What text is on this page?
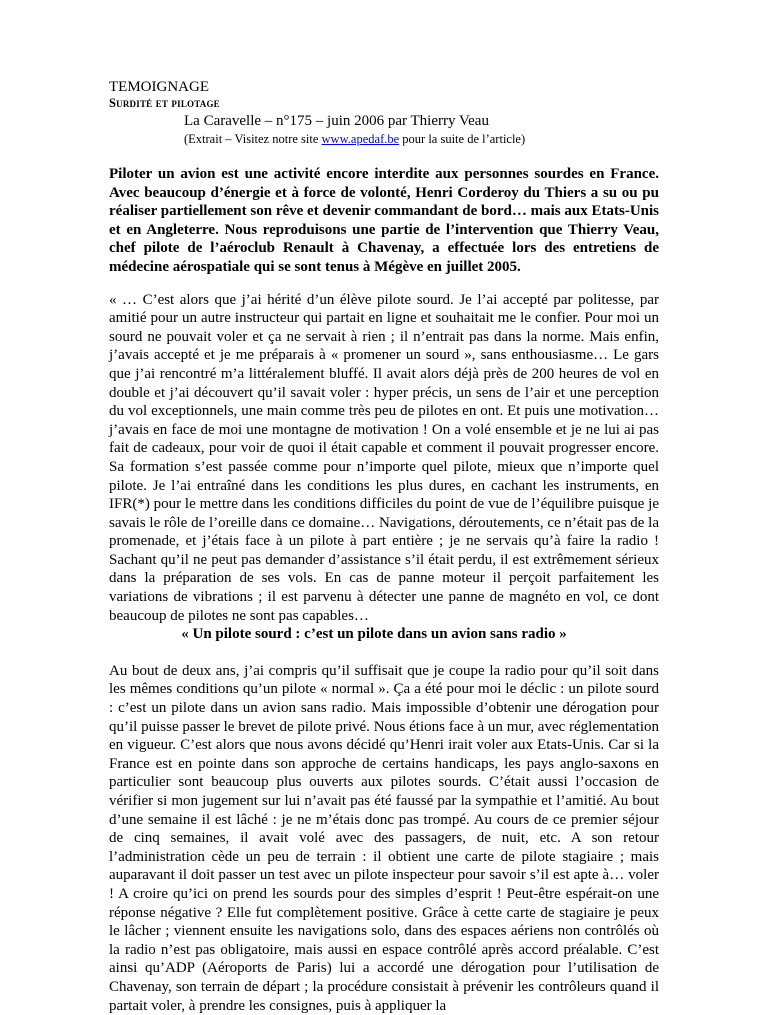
TEMOIGNAGE

Surdité et pilotage

La Caravelle – n°175 – juin 2006 par Thierry Veau

(Extrait – Visitez notre site www.apedaf.be pour la suite de l’article)

Piloter un avion est une activité encore interdite aux personnes sourdes en France. Avec beaucoup d’énergie et à force de volonté, Henri Corderoy du Thiers a su ou pu réaliser partiellement son rêve et devenir commandant de bord… mais aux Etats-Unis et en Angleterre. Nous reproduisons une partie de l’intervention que Thierry Veau, chef pilote de l’aéroclub Renault à Chavenay, a effectuée lors des entretiens de médecine aérospatiale qui se sont tenus à Mégève en juillet 2005.

« … C’est alors que j’ai hérité d’un élève pilote sourd. Je l’ai accepté par politesse, par amitié pour un autre instructeur qui partait en ligne et souhaitait me le confier. Pour moi un sourd ne pouvait voler et ça ne servait à rien ; il n’entrait pas dans la norme. Mais enfin, j’avais accepté et je me préparais à « promener un sourd », sans enthousiasme… Le gars que j’ai rencontré m’a littéralement bluffé. Il avait alors déjà près de 200 heures de vol en double et j’ai découvert qu’il savait voler : hyper précis, un sens de l’air et une perception du vol exceptionnels, une main comme très peu de pilotes en ont. Et puis une motivation… j’avais en face de moi une montagne de motivation ! On a volé ensemble et je ne lui ai pas fait de cadeaux, pour voir de quoi il était capable et comment il pouvait progresser encore. Sa formation s’est passée comme pour n’importe quel pilote, mieux que n’importe quel pilote. Je l’ai entraîné dans les conditions les plus dures, en cachant les instruments, en IFR(*) pour le mettre dans les conditions difficiles du point de vue de l’équilibre puisque je savais le rôle de l’oreille dans ce domaine… Navigations, déroutements, ce n’était pas de la promenade, et j’étais face à un pilote à part entière ; je ne servais qu’à faire la radio ! Sachant qu’il ne peut pas demander d’assistance s’il était perdu, il est extrêmement sérieux dans la préparation de ses vols. En cas de panne moteur il perçoit parfaitement les variations de vibrations ; il est parvenu à détecter une panne de magnéto en vol, ce dont beaucoup de pilotes ne sont pas capables…

« Un pilote sourd : c’est un pilote dans un avion sans radio »

Au bout de deux ans, j’ai compris qu’il suffisait que je coupe la radio pour qu’il soit dans les mêmes conditions qu’un pilote « normal ». Ça a été pour moi le déclic : un pilote sourd : c’est un pilote dans un avion sans radio. Mais impossible d’obtenir une dérogation pour qu’il puisse passer le brevet de pilote privé. Nous étions face à un mur, avec réglementation en vigueur. C’est alors que nous avons décidé qu’Henri irait voler aux Etats-Unis. Car si la France est en pointe dans son approche de certains handicaps, les pays anglo-saxons en particulier sont beaucoup plus ouverts aux pilotes sourds. C’était aussi l’occasion de vérifier si mon jugement sur lui n’avait pas été faussé par la sympathie et l’amitié. Au bout d’une semaine il est lâché : je ne m’étais donc pas trompé. Au cours de ce premier séjour de cinq semaines, il avait volé avec des passagers, de nuit, etc. A son retour l’administration cède un peu de terrain : il obtient une carte de pilote stagiaire ; mais auparavant il doit passer un test avec un pilote inspecteur pour savoir s’il est apte à… voler ! A croire qu’ici on prend les sourds pour des simples d’esprit ! Peut-être espérait-on une réponse négative ? Elle fut complètement positive. Grâce à cette carte de stagiaire je peux le lâcher ; viennent ensuite les navigations solo, dans des espaces aériens non contrôlés où la radio n’est pas obligatoire, mais aussi en espace contrôlé après accord préalable. C’est ainsi qu’ADP (Aéroports de Paris) lui a accordé une dérogation pour l’utilisation de Chavenay, son terrain de départ ; la procédure consistait à prévenir les contrôleurs quand il partait voler, à prendre les consignes, puis à appliquer la
